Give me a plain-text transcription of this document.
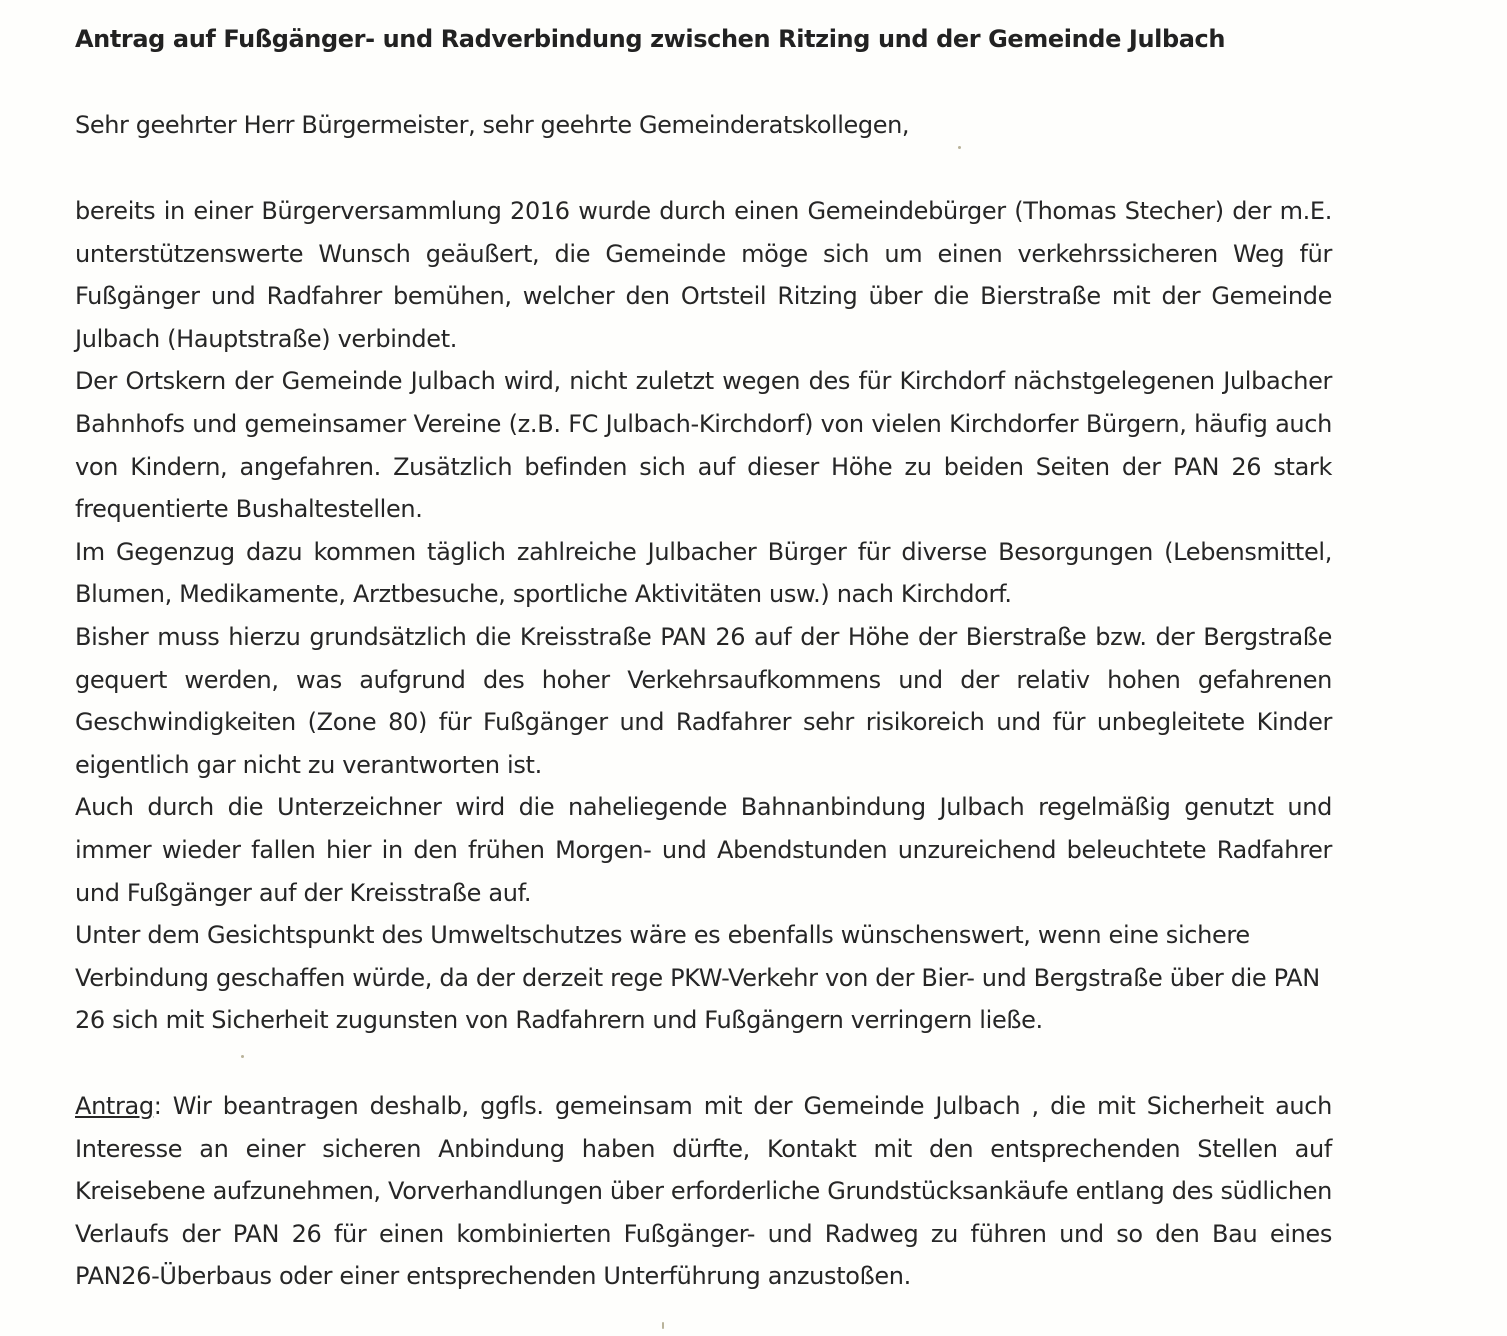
Antrag auf Fußgänger- und Radverbindung zwischen Ritzing und der Gemeinde Julbach
Sehr geehrter Herr Bürgermeister, sehr geehrte Gemeinderatskollegen,

bereits in einer Bürgerversammlung 2016 wurde durch einen Gemeindebürger (Thomas Stecher) der m.E. unterstützenswerte Wunsch geäußert, die Gemeinde möge sich um einen verkehrssicheren Weg für Fußgänger und Radfahrer bemühen, welcher den Ortsteil Ritzing über die Bierstraße mit der Gemeinde Julbach (Hauptstraße) verbindet.

Der Ortskern der Gemeinde Julbach wird, nicht zuletzt wegen des für Kirchdorf nächstgelegenen Julbacher Bahnhofs und gemeinsamer Vereine (z.B. FC Julbach-Kirchdorf) von vielen Kirchdorfer Bürgern, häufig auch von Kindern, angefahren. Zusätzlich befinden sich auf dieser Höhe zu beiden Seiten der PAN 26 stark frequentierte Bushaltestellen.

Im Gegenzug dazu kommen täglich zahlreiche Julbacher Bürger für diverse Besorgungen (Lebensmittel, Blumen, Medikamente, Arztbesuche, sportliche Aktivitäten usw.) nach Kirchdorf.

Bisher muss hierzu grundsätzlich die Kreisstraße PAN 26 auf der Höhe der Bierstraße bzw. der Bergstraße gequert werden, was aufgrund des hoher Verkehrsaufkommens und der relativ hohen gefahrenen Geschwindigkeiten (Zone 80) für Fußgänger und Radfahrer sehr risikoreich und für unbegleitete Kinder eigentlich gar nicht zu verantworten ist.

Auch durch die Unterzeichner wird die naheliegende Bahnanbindung Julbach regelmäßig genutzt und immer wieder fallen hier in den frühen Morgen- und Abendstunden unzureichend beleuchtete Radfahrer und Fußgänger auf der Kreisstraße auf.

Unter dem Gesichtspunkt des Umweltschutzes wäre es ebenfalls wünschenswert, wenn eine sichere Verbindung geschaffen würde, da der derzeit rege PKW-Verkehr von der Bier- und Bergstraße über die PAN 26 sich mit Sicherheit zugunsten von Radfahrern und Fußgängern verringern ließe.

Antrag: Wir beantragen deshalb, ggfls. gemeinsam mit der Gemeinde Julbach , die mit Sicherheit auch Interesse an einer sicheren Anbindung haben dürfte, Kontakt mit den entsprechenden Stellen auf Kreisebene aufzunehmen, Vorverhandlungen über erforderliche Grundstücksankäufe entlang des südlichen Verlaufs der PAN 26 für einen kombinierten Fußgänger- und Radweg zu führen und so den Bau eines PAN26-Überbaus oder einer entsprechenden Unterführung anzustoßen.
